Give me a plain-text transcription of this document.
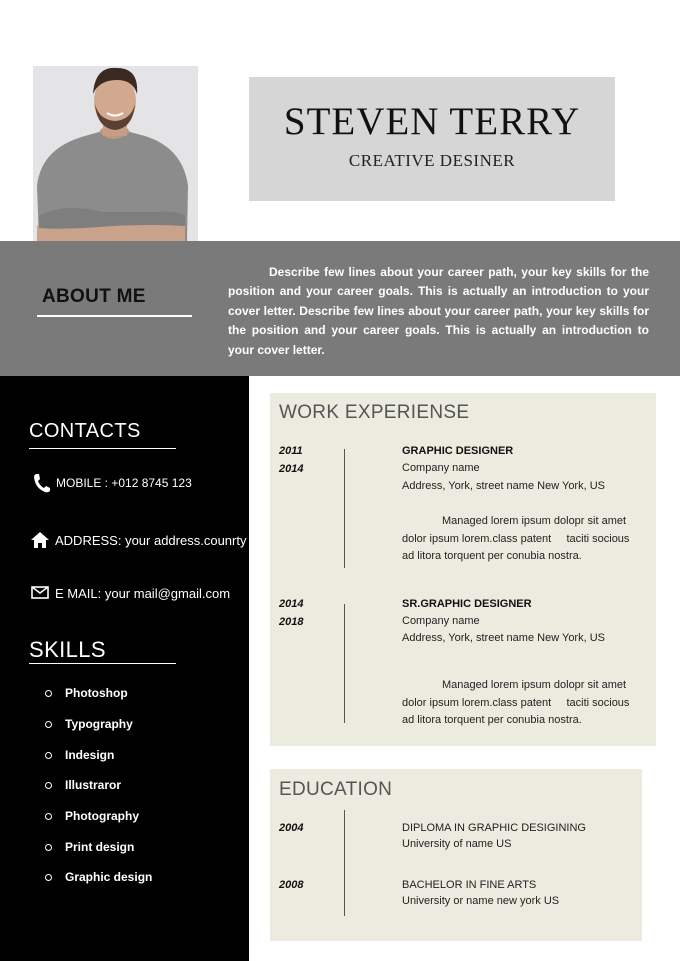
STEVEN TERRY
CREATIVE DESINER
ABOUT ME
Describe few lines about your career path, your key skills for the position and your career goals. This is actually an introduction to your cover letter. Describe few lines about your career path, your key skills for the position and your career goals. This is actually an introduction to your cover letter.
CONTACTS
MOBILE : +012 8745 123
ADDRESS: your address.counrty
E MAIL: your mail@gmail.com
SKILLS
Photoshop
Typography
Indesign
Illustraror
Photography
Print design
Graphic design
WORK EXPERIENSE
2011
2014
GRAPHIC DESIGNER
Company name
Address, York, street name New York, US
Managed lorem ipsum dolopr sit amet
dolor ipsum lorem.class patent     taciti socious
ad litora torquent per conubia nostra.
2014
2018
SR.GRAPHIC DESIGNER
Company name
Address, York, street name New York, US
Managed lorem ipsum dolopr sit amet
dolor ipsum lorem.class patent     taciti socious
ad litora torquent per conubia nostra.
EDUCATION
2004	DIPLOMA IN GRAPHIC DESIGINING
University of name US
2008	BACHELOR IN FINE ARTS
University or name new york US
